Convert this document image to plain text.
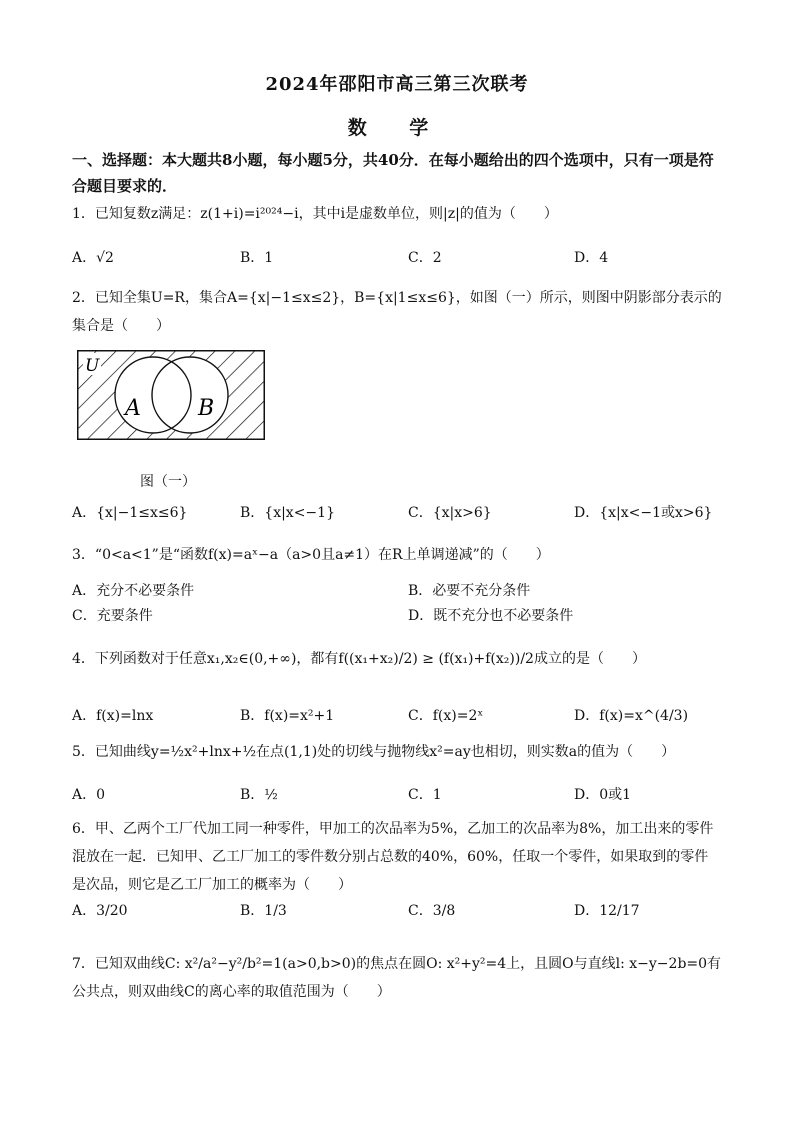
2024年邵阳市高三第三次联考
数 学
一、选择题：本大题共8小题，每小题5分，共40分．在每小题给出的四个选项中，只有一项是符合题目要求的．
1．已知复数z满足：z(1+i)=i²⁰²⁴−i，其中i是虚数单位，则|z|的值为（　　）
A．√2	B．1	C．2	D．4
2．已知全集U=R，集合A={x|−1≤x≤2}，B={x|1≤x≤6}，如图（一）所示，则图中阴影部分表示的集合是（　　）
U
A	B
图（一）
A．{x|−1≤x≤6}	B．{x|x<−1}	C．{x|x>6}	D．{x|x<−1或x>6}
3．“0<a<1”是“函数f(x)=aˣ−a（a>0且a≠1）在R上单调递减”的（　　）
A．充分不必要条件	B．必要不充分条件
C．充要条件	D．既不充分也不必要条件
4．下列函数对于任意x₁,x₂∈(0,+∞)，都有f((x₁+x₂)/2) ≥ (f(x₁)+f(x₂))/2成立的是（　　）
A．f(x)=lnx	B．f(x)=x²+1	C．f(x)=2ˣ	D．f(x)=x^(4/3)
5．已知曲线y=½x²+lnx+½在点(1,1)处的切线与抛物线x²=ay也相切，则实数a的值为（　　）
A．0	B．½	C．1	D．0或1
6．甲、乙两个工厂代加工同一种零件，甲加工的次品率为5%，乙加工的次品率为8%，加工出来的零件混放在一起．已知甲、乙工厂加工的零件数分别占总数的40%，60%，任取一个零件，如果取到的零件是次品，则它是乙工厂加工的概率为（　　）
A．3/20	B．1/3	C．3/8	D．12/17
7．已知双曲线C: x²/a²−y²/b²=1(a>0,b>0)的焦点在圆O: x²+y²=4上，且圆O与直线l: x−y−2b=0有公共点，则双曲线C的离心率的取值范围为（　　）
